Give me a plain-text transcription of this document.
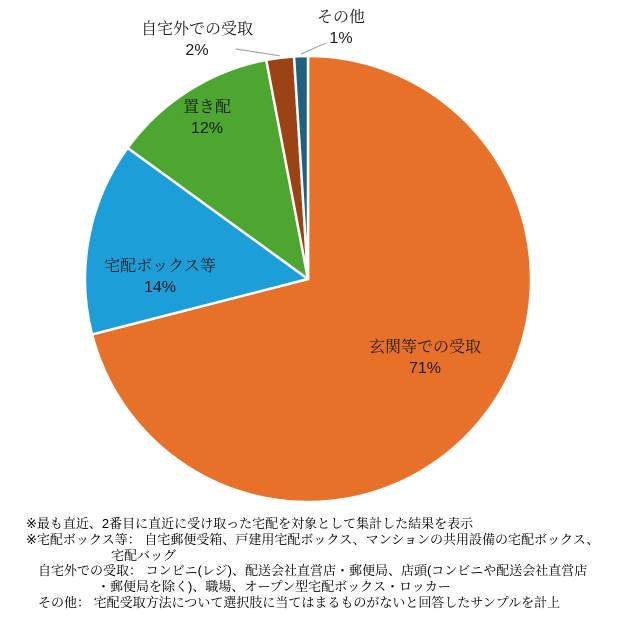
玄関等での受取
71%
宅配ボックス等
14%
置き配
12%
自宅外での受取
2%
その他
1%
※最も直近、2番目に直近に受け取った宅配を対象として集計した結果を表示
※宅配ボックス等： 自宅郵便受箱、戸建用宅配ボックス、マンションの共用設備の宅配ボックス、
宅配バッグ
自宅外での受取： コンビニ(レジ)、配送会社直営店・郵便局、店頭(コンビニや配送会社直営店
・郵便局を除く)、職場、オープン型宅配ボックス・ロッカー
その他： 宅配受取方法について選択肢に当てはまるものがないと回答したサンプルを計上
